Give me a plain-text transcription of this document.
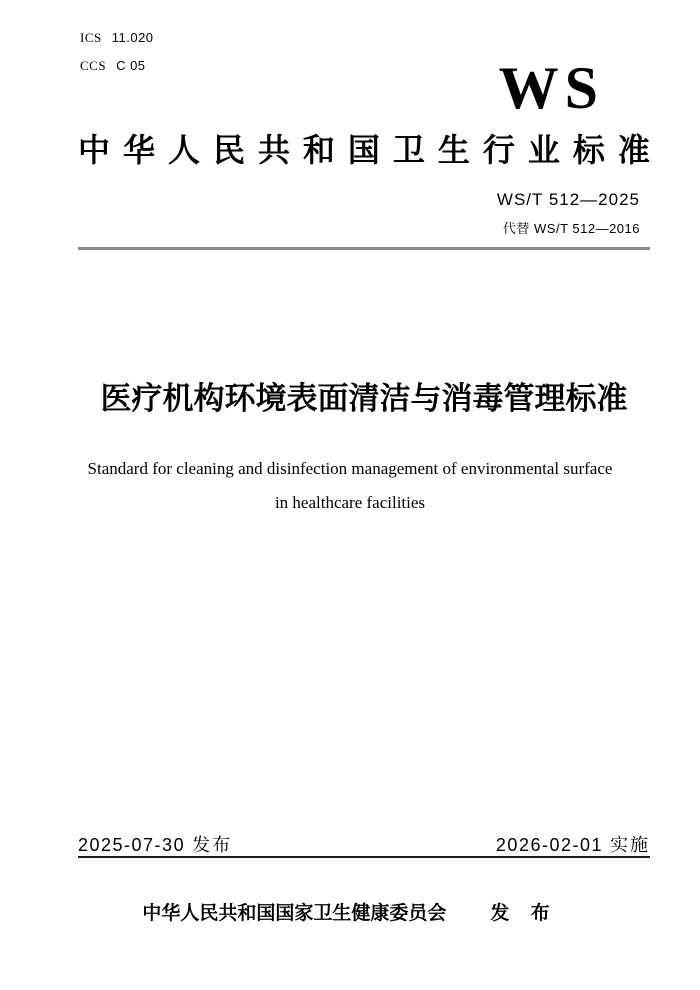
ICS 11.020
CCS C 05	WS
中 华 人 民 共 和 国 卫 生 行 业 标 准
WS/T 512—2025
代替 WS/T 512—2016
医疗机构环境表面清洁与消毒管理标准
Standard for cleaning and disinfection management of environmental surface
in healthcare facilities
2025-07-30 发布	2026-02-01 实施
中华人民共和国国家卫生健康委员会 发 布
